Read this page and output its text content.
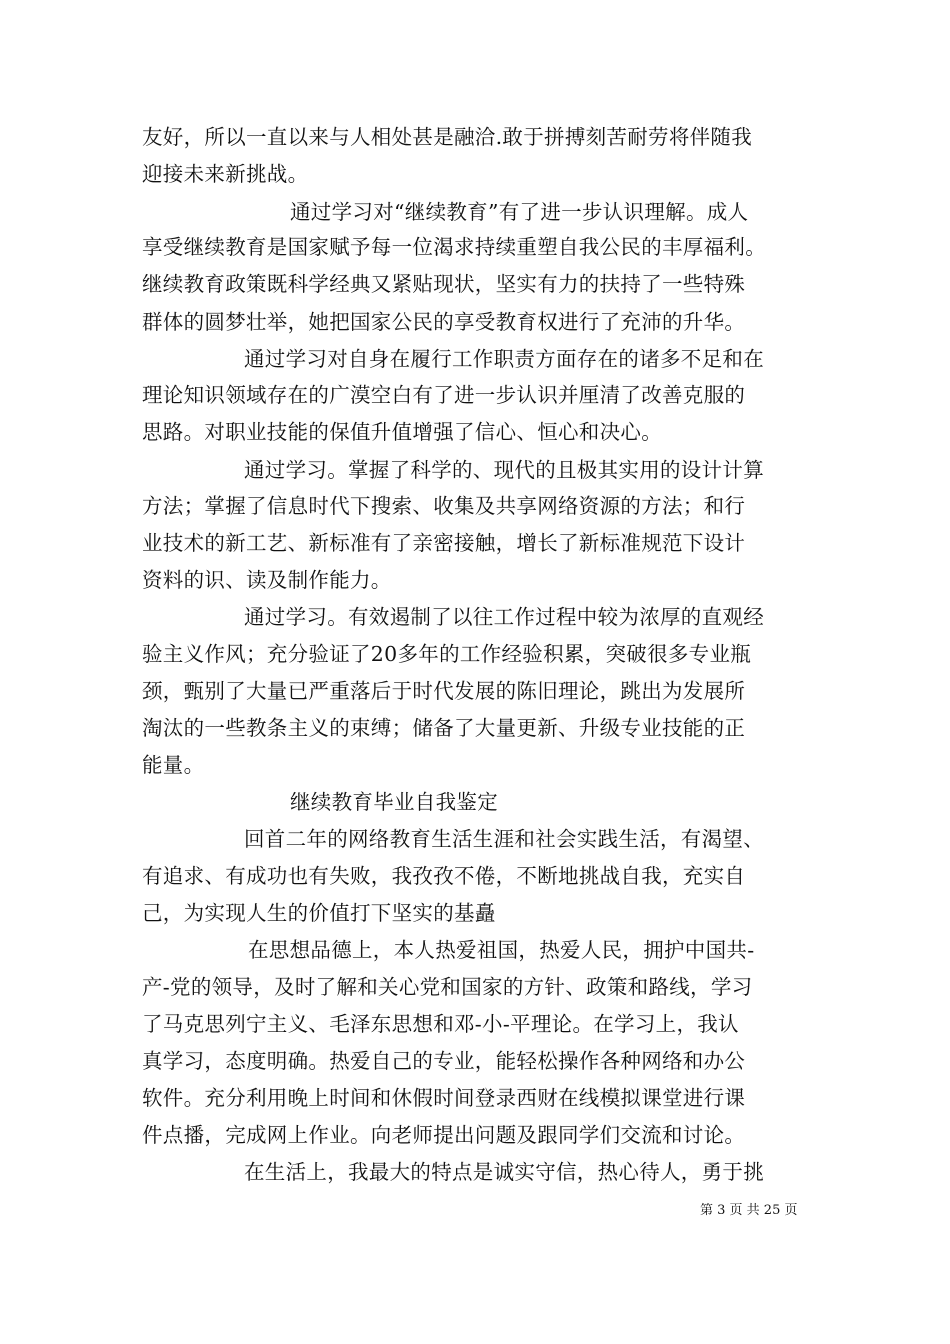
友好，所以一直以来与人相处甚是融洽.敢于拼搏刻苦耐劳将伴随我
迎接未来新挑战。
通过学习对“继续教育”有了进一步认识理解。成人
享受继续教育是国家赋予每一位渴求持续重塑自我公民的丰厚福利。
继续教育政策既科学经典又紧贴现状，坚实有力的扶持了一些特殊
群体的圆梦壮举，她把国家公民的享受教育权进行了充沛的升华。
通过学习对自身在履行工作职责方面存在的诸多不足和在
理论知识领域存在的广漠空白有了进一步认识并厘清了改善克服的
思路。对职业技能的保值升值增强了信心、恒心和决心。
通过学习。掌握了科学的、现代的且极其实用的设计计算
方法；掌握了信息时代下搜索、收集及共享网络资源的方法；和行
业技术的新工艺、新标准有了亲密接触，增长了新标准规范下设计
资料的识、读及制作能力。
通过学习。有效遏制了以往工作过程中较为浓厚的直观经
验主义作风；充分验证了20多年的工作经验积累，突破很多专业瓶
颈，甄别了大量已严重落后于时代发展的陈旧理论，跳出为发展所
淘汰的一些教条主义的束缚；储备了大量更新、升级专业技能的正
能量。
继续教育毕业自我鉴定
回首二年的网络教育生活生涯和社会实践生活，有渴望、
有追求、有成功也有失败，我孜孜不倦，不断地挑战自我，充实自
己，为实现人生的价值打下坚实的基矗
在思想品德上，本人热爱祖国，热爱人民，拥护中国共-
产-党的领导，及时了解和关心党和国家的方针、政策和路线，学习
了马克思列宁主义、毛泽东思想和邓-小-平理论。在学习上，我认
真学习，态度明确。热爱自己的专业，能轻松操作各种网络和办公
软件。充分利用晚上时间和休假时间登录西财在线模拟课堂进行课
件点播，完成网上作业。向老师提出问题及跟同学们交流和讨论。
在生活上，我最大的特点是诚实守信，热心待人，勇于挑
第 3 页 共 25 页
